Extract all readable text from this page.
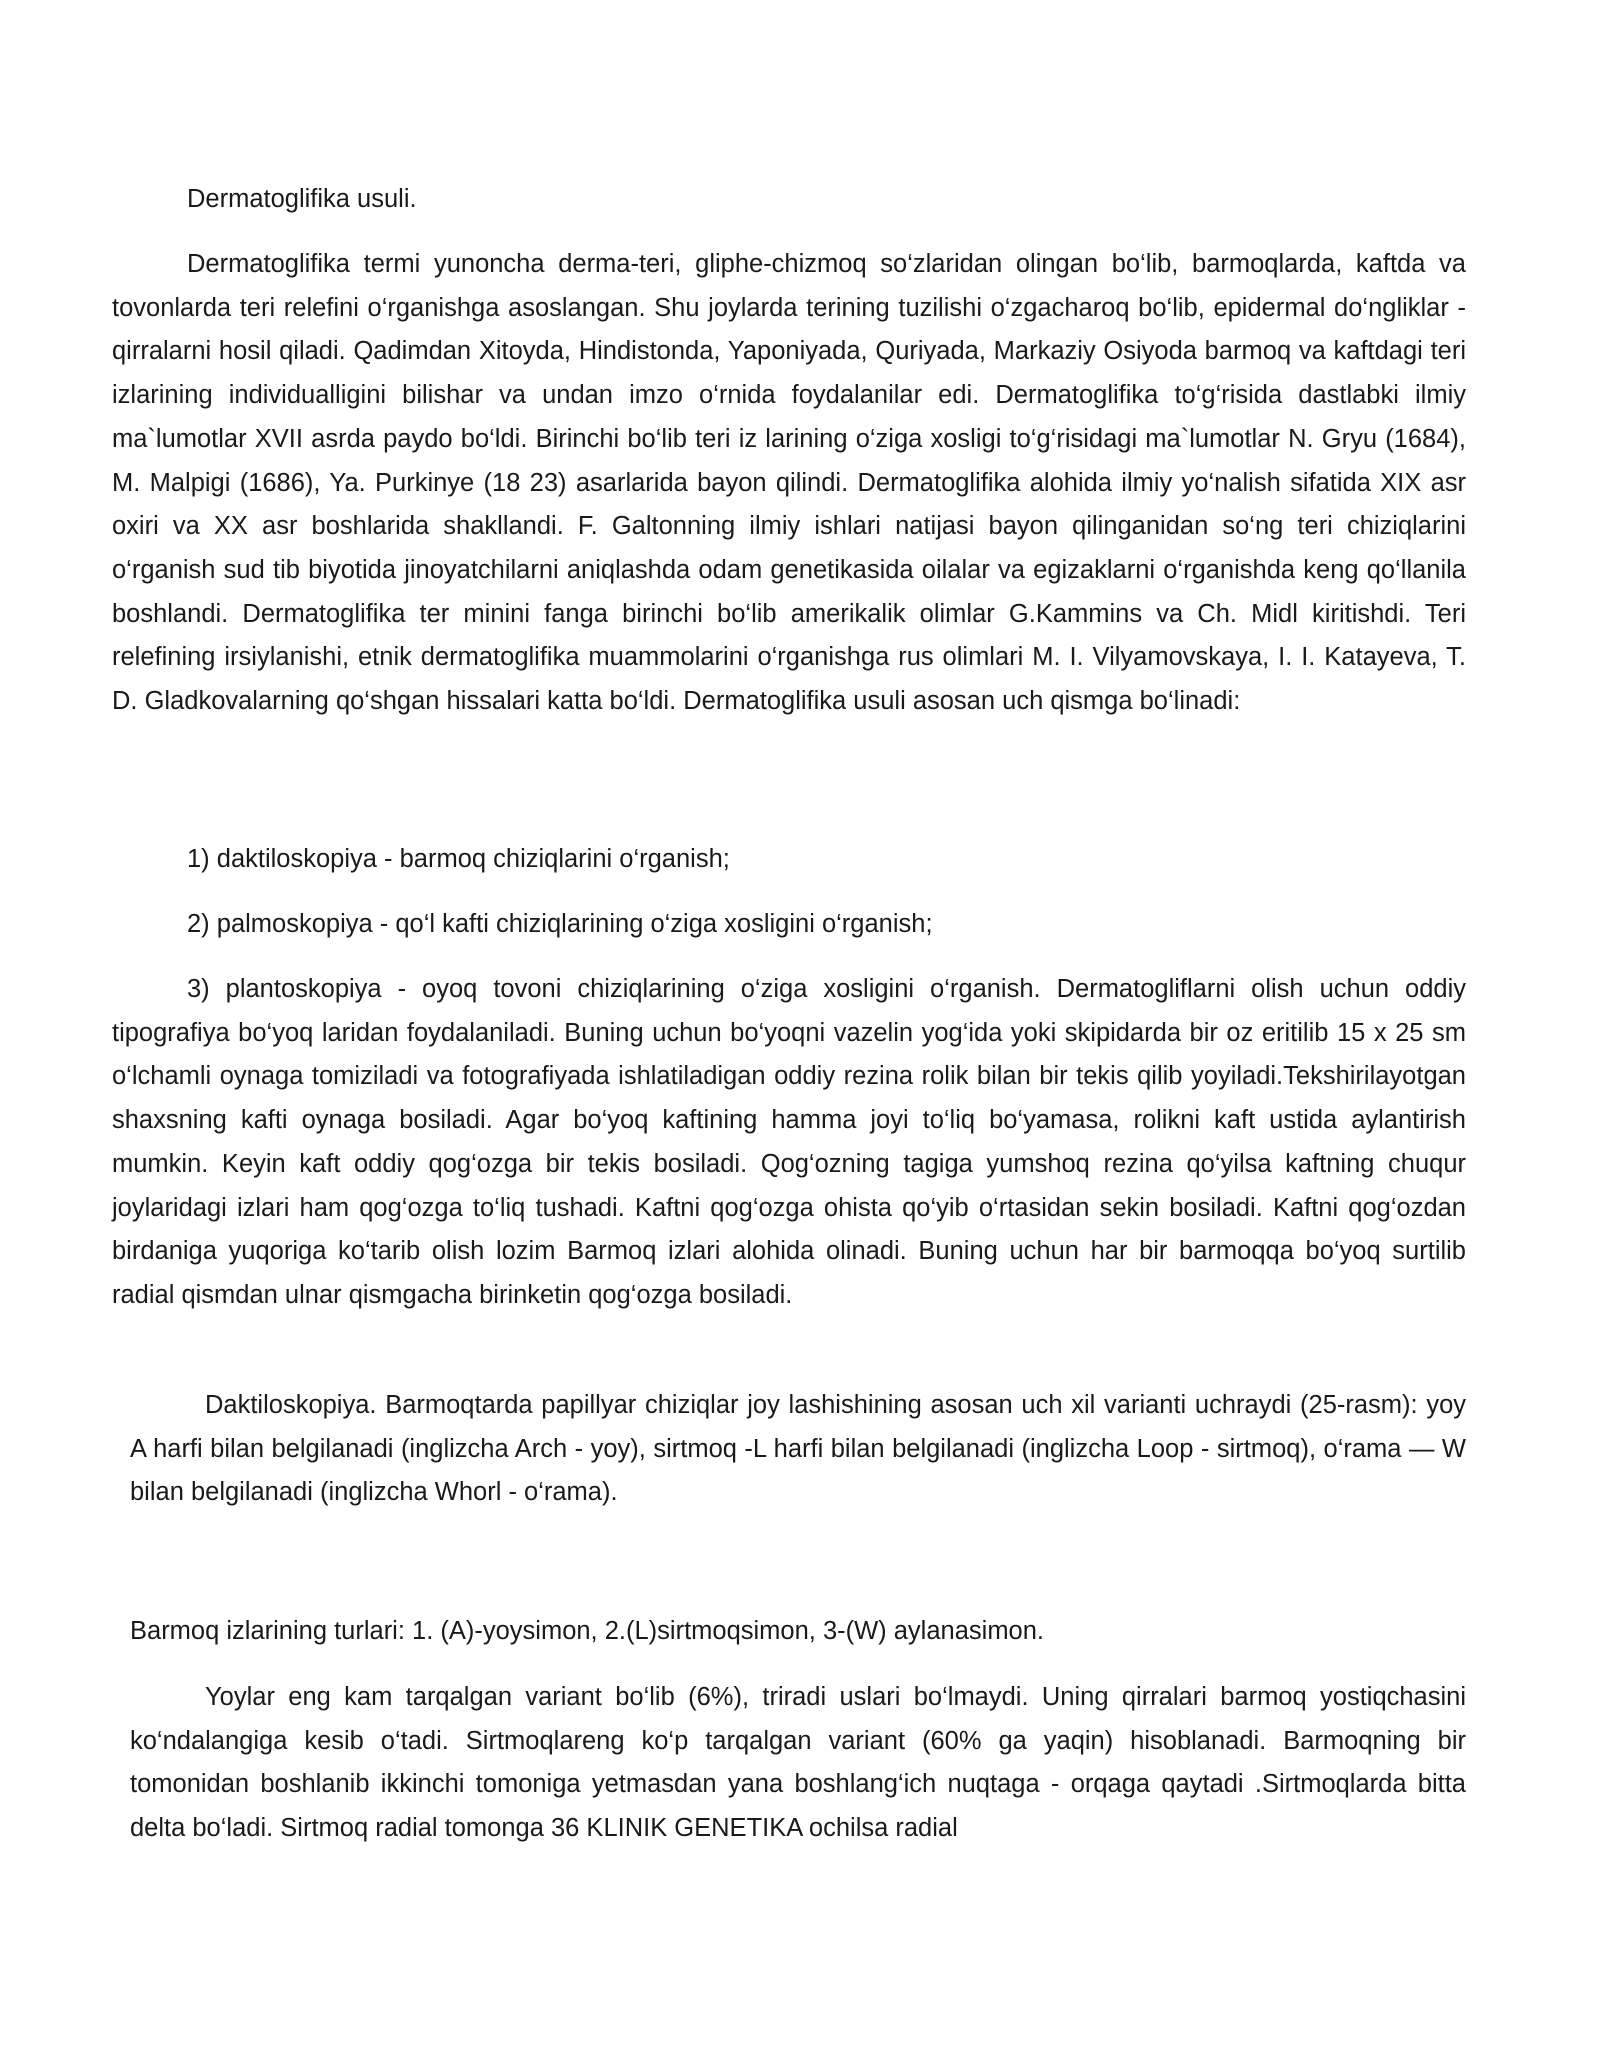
Dermatoglifika usuli.

Dermatoglifika termi yunoncha derma-teri, gliphe-chizmoq so‘zlaridan olingan bo‘lib, barmoqlarda, kaftda va tovonlarda teri relefini o‘rganishga asoslangan. Shu joylarda terining tuzilishi o‘zgacharoq bo‘lib, epidermal do‘ngliklar - qirralarni hosil qiladi. Qadimdan Xitoyda, Hindistonda, Yaponiyada, Quriyada, Markaziy Osiyoda barmoq va kaftdagi teri izlarining individualligini bilishar va undan imzo o‘rnida foydalanilar edi. Dermatoglifika to‘g‘risida dastlabki ilmiy ma`lumotlar XVII asrda paydo bo‘ldi. Birinchi bo‘lib teri iz larining o‘ziga xosligi to‘g‘risidagi ma`lumotlar N. Gryu (1684), M. Malpigi (1686), Ya. Purkinye (18 23) asarlarida bayon qilindi. Dermatoglifika alohida ilmiy yo‘nalish sifatida XIX asr oxiri va XX asr boshlarida shakllandi. F. Galtonning ilmiy ishlari natijasi bayon qilinganidan so‘ng teri chiziqlarini o‘rganish sud tib biyotida jinoyatchilarni aniqlashda odam genetikasida oilalar va egizaklarni o‘rganishda keng qo‘llanila boshlandi. Dermatoglifika ter minini fanga birinchi bo‘lib amerikalik olimlar G.Kammins va Ch. Midl kiritishdi. Teri relefining irsiylanishi, etnik dermatoglifika muammolarini o‘rganishga rus olimlari M. I. Vilyamovskaya, I. I. Katayeva, T. D. Gladkovalarning qo‘shgan hissalari katta bo‘ldi. Dermatoglifika usuli asosan uch qismga bo‘linadi:

1) daktiloskopiya - barmoq chiziqlarini o‘rganish;

2) palmoskopiya - qo‘l kafti chiziqlarining o‘ziga xosligini o‘rganish;

3) plantoskopiya - oyoq tovoni chiziqlarining o‘ziga xosligini o‘rganish. Dermatogliflarni olish uchun oddiy tipografiya bo‘yoq laridan foydalaniladi. Buning uchun bo‘yoqni vazelin yog‘ida yoki skipidarda bir oz eritilib 15 x 25 sm o‘lchamli oynaga tomiziladi va fotografiyada ishlatiladigan oddiy rezina rolik bilan bir tekis qilib yoyiladi.Tekshirilayotgan shaxsning kafti oynaga bosiladi. Agar bo‘yoq kaftining hamma joyi to‘liq bo‘yamasa, rolikni kaft ustida aylantirish mumkin. Keyin kaft oddiy qog‘ozga bir tekis bosiladi. Qog‘ozning tagiga yumshoq rezina qo‘yilsa kaftning chuqur joylaridagi izlari ham qog‘ozga to‘liq tushadi. Kaftni qog‘ozga ohista qo‘yib o‘rtasidan sekin bosiladi. Kaftni qog‘ozdan birdaniga yuqoriga ko‘tarib olish lozim Barmoq izlari alohida olinadi. Buning uchun har bir barmoqqa bo‘yoq surtilib radial qismdan ulnar qismgacha birinketin qog‘ozga bosiladi.

Daktiloskopiya. Barmoqtarda papillyar chiziqlar joy lashishining asosan uch xil varianti uchraydi (25-rasm): yoy A harfi bilan belgilanadi (inglizcha Arch - yoy), sirtmoq -L harfi bilan belgilanadi (inglizcha Loop - sirtmoq), o‘rama — W bilan belgilanadi (inglizcha Whorl - o‘rama).

Barmoq izlarining turlari: 1. (A)-yoysimon, 2.(L)sirtmoqsimon, 3-(W) aylanasimon.

Yoylar eng kam tarqalgan variant bo‘lib (6%), triradi uslari bo‘lmaydi. Uning qirralari barmoq yostiqchasini ko‘ndalangiga kesib o‘tadi. Sirtmoqlareng ko‘p tarqalgan variant (60% ga yaqin) hisoblanadi. Barmoqning bir tomonidan boshlanib ikkinchi tomoniga yetmasdan yana boshlang‘ich nuqtaga - orqaga qaytadi .Sirtmoqlarda bitta delta bo‘ladi. Sirtmoq radial tomonga 36 KLINIK GENETIKA ochilsa radial
